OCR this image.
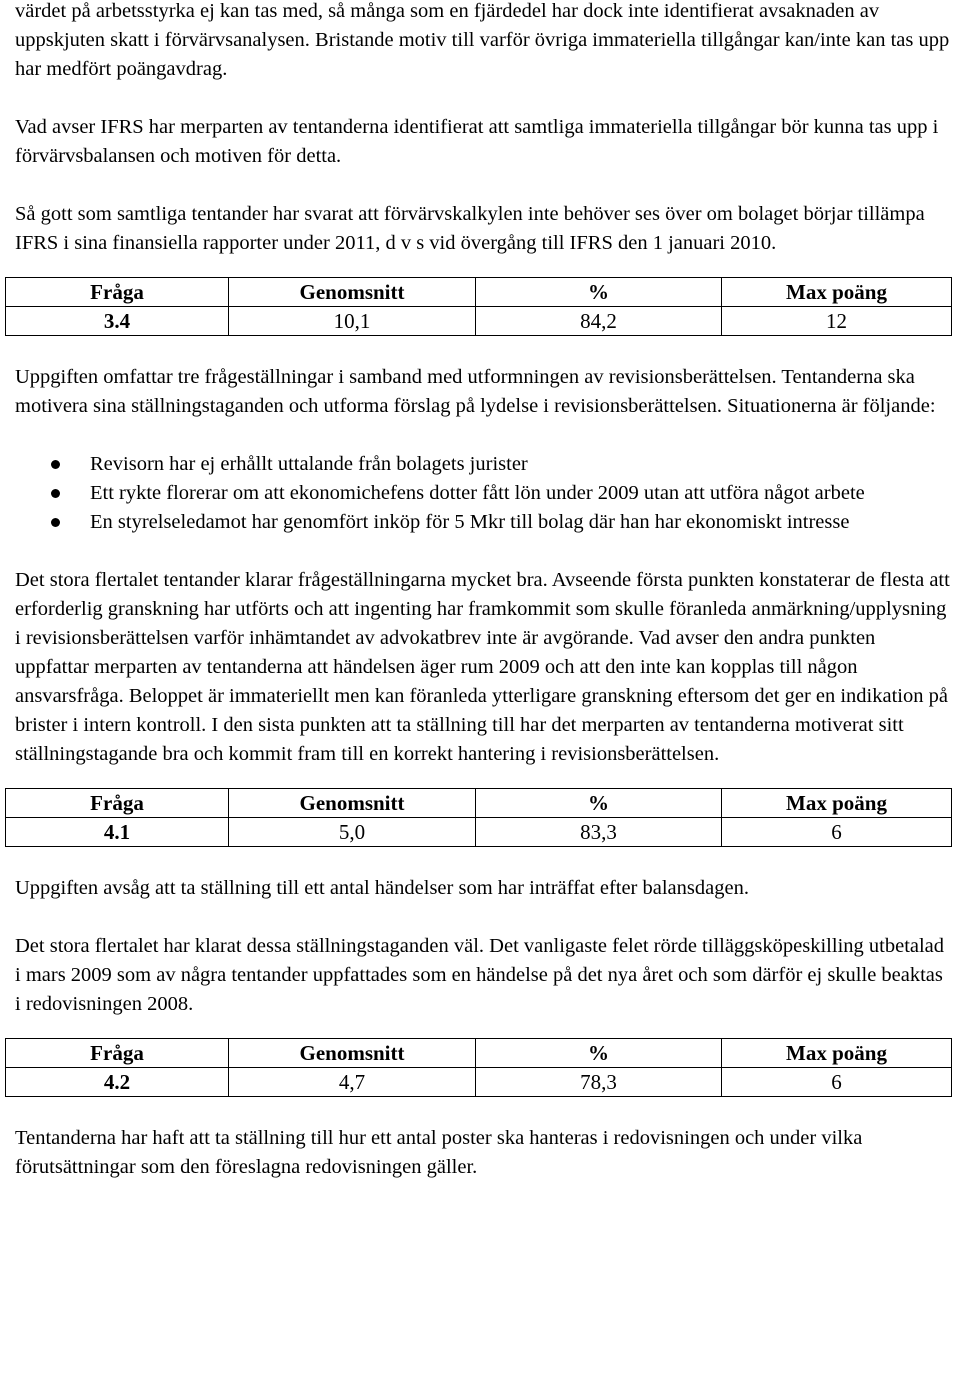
värdet på arbetsstyrka ej kan tas med, så många som en fjärdedel har dock inte identifierat avsaknaden av uppskjuten skatt i förvärvsanalysen. Bristande motiv till varför övriga immateriella tillgångar kan/inte kan tas upp har medfört poängavdrag.

Vad avser IFRS har merparten av tentanderna identifierat att samtliga immateriella tillgångar bör kunna tas upp i förvärvsbalansen och motiven för detta.

Så gott som samtliga tentander har svarat att förvärvskalkylen inte behöver ses över om bolaget börjar tillämpa IFRS i sina finansiella rapporter under 2011, d v s vid övergång till IFRS den 1 januari 2010.

Fråga	Genomsnitt	%	Max poäng
3.4	10,1	84,2	12

Uppgiften omfattar tre frågeställningar i samband med utformningen av revisionsberättelsen. Tentanderna ska motivera sina ställningstaganden och utforma förslag på lydelse i revisionsberättelsen. Situationerna är följande:

Revisorn har ej erhållt uttalande från bolagets jurister
Ett rykte florerar om att ekonomichefens dotter fått lön under 2009 utan att utföra något arbete
En styrelseledamot har genomfört inköp för 5 Mkr till bolag där han har ekonomiskt intresse

Det stora flertalet tentander klarar frågeställningarna mycket bra. Avseende första punkten konstaterar de flesta att erforderlig granskning har utförts och att ingenting har framkommit som skulle föranleda anmärkning/upplysning i revisionsberättelsen varför inhämtandet av advokatbrev inte är avgörande. Vad avser den andra punkten uppfattar merparten av tentanderna att händelsen äger rum 2009 och att den inte kan kopplas till någon ansvarsfråga. Beloppet är immateriellt men kan föranleda ytterligare granskning eftersom det ger en indikation på brister i intern kontroll. I den sista punkten att ta ställning till har det merparten av tentanderna motiverat sitt ställningstagande bra och kommit fram till en korrekt hantering i revisionsberättelsen.

Fråga	Genomsnitt	%	Max poäng
4.1	5,0	83,3	6

Uppgiften avsåg att ta ställning till ett antal händelser som har inträffat efter balansdagen.

Det stora flertalet har klarat dessa ställningstaganden väl. Det vanligaste felet rörde tilläggsköpeskilling utbetalad i mars 2009 som av några tentander uppfattades som en händelse på det nya året och som därför ej skulle beaktas i redovisningen 2008.

Fråga	Genomsnitt	%	Max poäng
4.2	4,7	78,3	6

Tentanderna har haft att ta ställning till hur ett antal poster ska hanteras i redovisningen och under vilka förutsättningar som den föreslagna redovisningen gäller.
